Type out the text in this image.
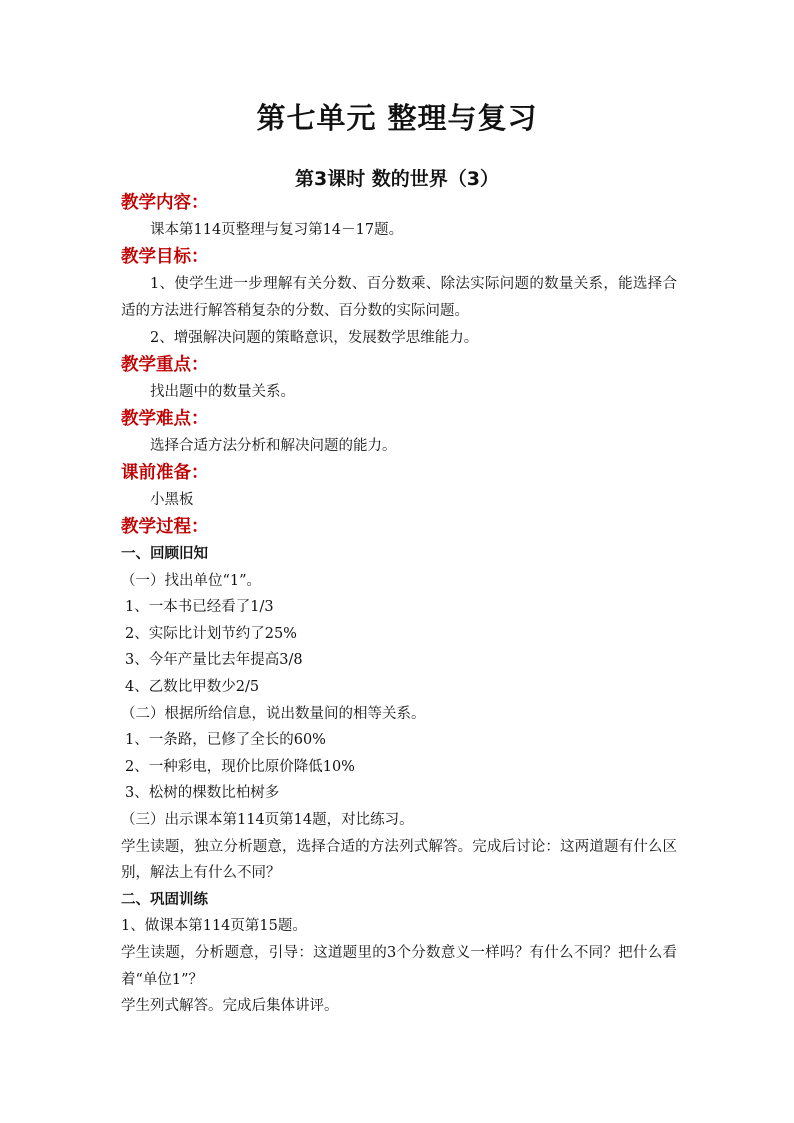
第七单元 整理与复习
第3课时 数的世界（3）
教学内容：
课本第114页整理与复习第14－17题。
教学目标：
1、使学生进一步理解有关分数、百分数乘、除法实际问题的数量关系，能选择合适的方法进行解答稍复杂的分数、百分数的实际问题。
2、增强解决问题的策略意识，发展数学思维能力。
教学重点：
找出题中的数量关系。
教学难点：
选择合适方法分析和解决问题的能力。
课前准备：
小黑板
教学过程：
一、回顾旧知
（一）找出单位“1”。
1、一本书已经看了1/3
2、实际比计划节约了25%
3、今年产量比去年提高3/8
4、乙数比甲数少2/5
（二）根据所给信息，说出数量间的相等关系。
1、一条路，已修了全长的60%
2、一种彩电，现价比原价降低10%
3、松树的棵数比柏树多
（三）出示课本第114页第14题，对比练习。
学生读题，独立分析题意，选择合适的方法列式解答。完成后讨论：这两道题有什么区别，解法上有什么不同？
二、巩固训练
1、做课本第114页第15题。
学生读题，分析题意，引导：这道题里的3个分数意义一样吗？有什么不同？把什么看着“单位1”？
学生列式解答。完成后集体讲评。
